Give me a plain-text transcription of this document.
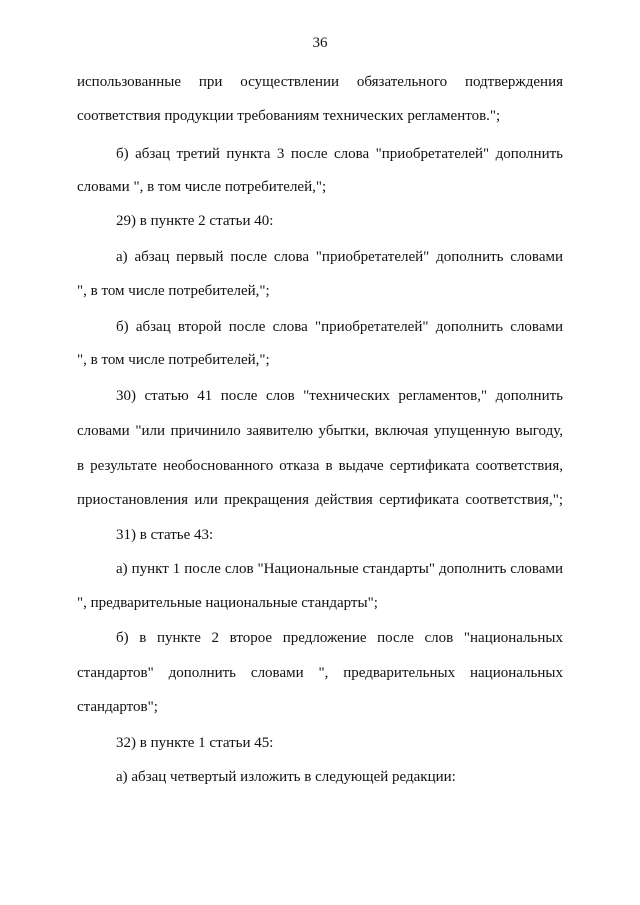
36
использованные при осуществлении обязательного подтверждения
соответствия продукции требованиям технических регламентов.";
б) абзац третий пункта 3 после слова "приобретателей" дополнить
словами ", в том числе потребителей,";
29) в пункте 2 статьи 40:
а) абзац первый после слова "приобретателей" дополнить словами
", в том числе потребителей,";
б) абзац второй после слова "приобретателей" дополнить словами
", в том числе потребителей,";
30) статью 41 после слов "технических регламентов," дополнить
словами "или причинило заявителю убытки, включая упущенную выгоду,
в результате необоснованного отказа в выдаче сертификата соответствия,
приостановления или прекращения действия сертификата соответствия,";
31) в статье 43:
а) пункт 1 после слов "Национальные стандарты" дополнить словами
", предварительные национальные стандарты";
б) в пункте 2 второе предложение после слов "национальных
стандартов" дополнить словами ", предварительных национальных
стандартов";
32) в пункте 1 статьи 45:
а) абзац четвертый изложить в следующей редакции:
